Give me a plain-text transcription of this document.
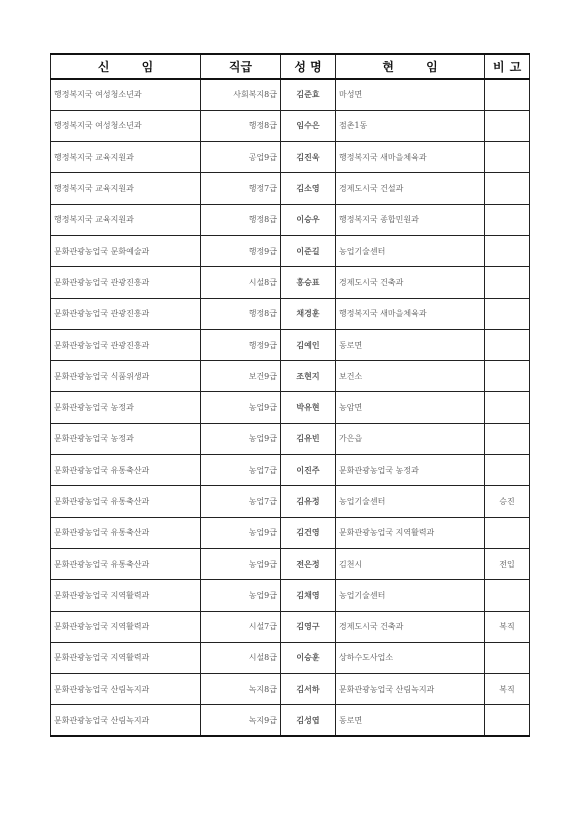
신 임	직급	성 명	현 임	비고
행정복지국 여성청소년과	사회복지8급	김준효	마성면	
행정복지국 여성청소년과	행정8급	임수은	점촌1동	
행정복지국 교육지원과	공업9급	김진욱	행정복지국 새마을체육과	
행정복지국 교육지원과	행정7급	김소영	경제도시국 건설과	
행정복지국 교육지원과	행정8급	이승우	행정복지국 종합민원과	
문화관광농업국 문화예술과	행정9급	이준길	농업기술센터	
문화관광농업국 관광진흥과	시설8급	홍승표	경제도시국 건축과	
문화관광농업국 관광진흥과	행정8급	채경훈	행정복지국 새마을체육과	
문화관광농업국 관광진흥과	행정9급	김예인	동로면	
문화관광농업국 식품위생과	보건9급	조현지	보건소	
문화관광농업국 농정과	농업9급	박유현	농암면	
문화관광농업국 농정과	농업9급	김유빈	가은읍	
문화관광농업국 유통축산과	농업7급	이진주	문화관광농업국 농정과	
문화관광농업국 유통축산과	농업7급	김유정	농업기술센터	승진
문화관광농업국 유통축산과	농업9급	김건영	문화관광농업국 지역활력과	
문화관광농업국 유통축산과	농업9급	전은정	김천시	전입
문화관광농업국 지역활력과	농업9급	김채영	농업기술센터	
문화관광농업국 지역활력과	시설7급	김영구	경제도시국 건축과	복직
문화관광농업국 지역활력과	시설8급	이승훈	상하수도사업소	
문화관광농업국 산림녹지과	녹지8급	김서하	문화관광농업국 산림녹지과	복직
문화관광농업국 산림녹지과	녹지9급	김성엽	동로면	
